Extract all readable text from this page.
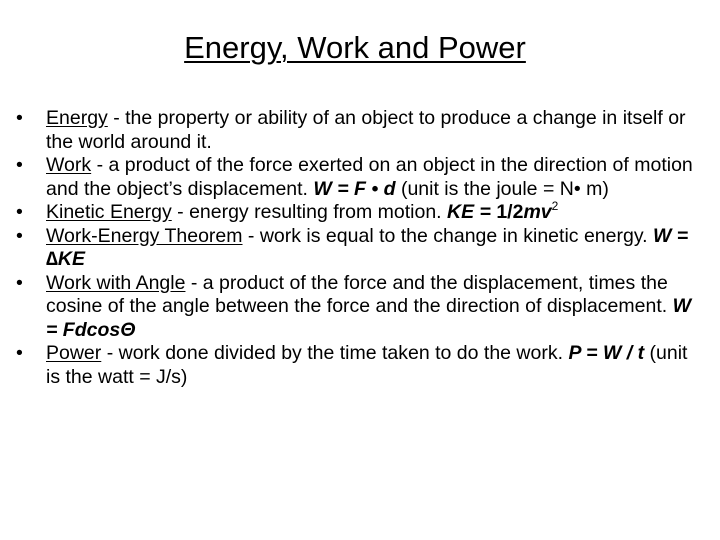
Energy, Work and Power
•	Energy - the property or ability of an object to produce a change in itself or the world around it.
•	Work - a product of the force exerted on an object in the direction of motion and the object’s displacement. W = F • d (unit is the joule = N• m)
•	Kinetic Energy - energy resulting from motion. KE = $1/2mv^2$
•	Work-Energy Theorem - work is equal to the change in kinetic energy. W = ∆KE
•	Work with Angle - a product of the force and the displacement, times the cosine of the angle between the force and the direction of displacement. W = FdcosΘ
•	Power - work done divided by the time taken to do the work. P = W / t (unit is the watt = J/s)
